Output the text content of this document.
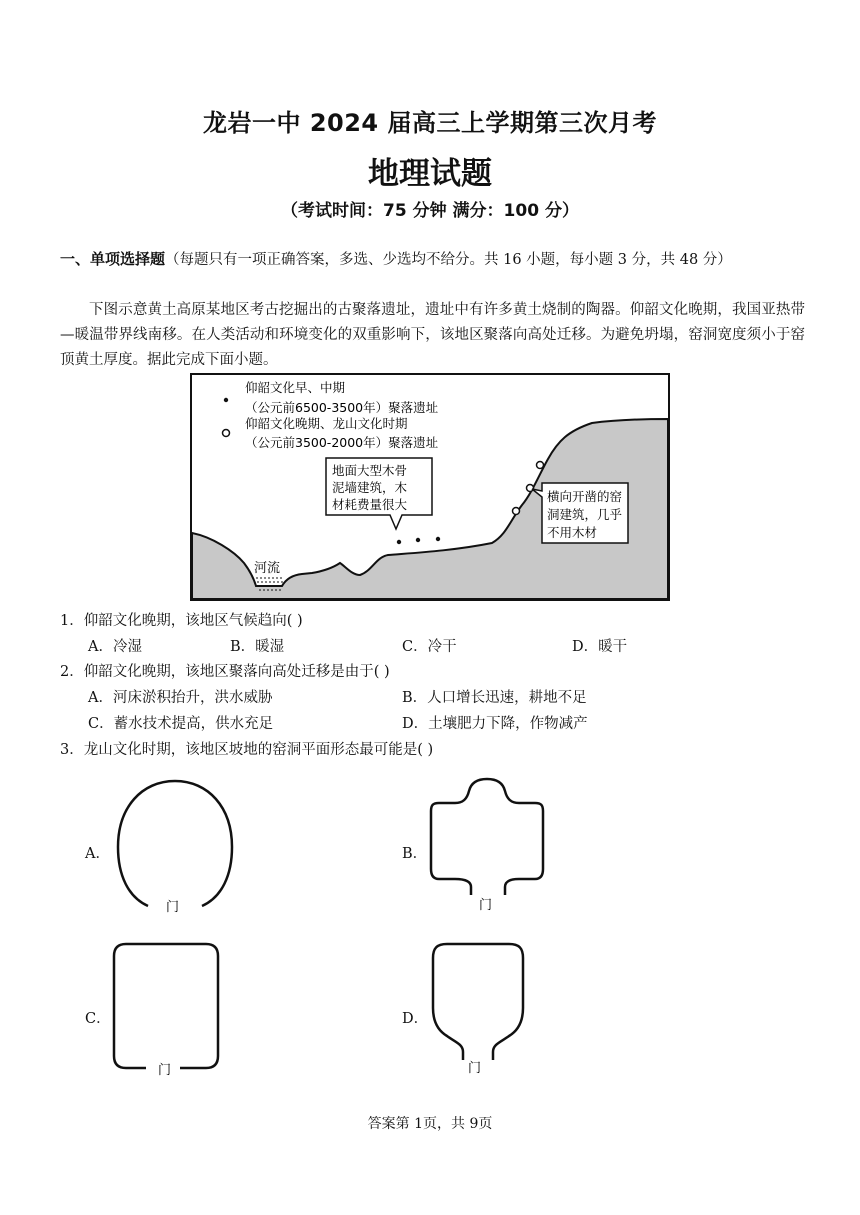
龙岩一中 2024 届高三上学期第三次月考
地理试题
（考试时间：75 分钟 满分：100 分）
一、单项选择题（每题只有一项正确答案，多选、少选均不给分。共 16 小题，每小题 3 分，共 48 分）
下图示意黄土高原某地区考古挖掘出的古聚落遗址，遗址中有许多黄土烧制的陶器。仰韶文化晚期，我国亚热带—暖温带界线南移。在人类活动和环境变化的双重影响下，该地区聚落向高处迁移。为避免坍塌，窑洞宽度须小于窑顶黄土厚度。据此完成下面小题。
河流
仰韶文化早、中期
（公元前6500-3500年）聚落遗址
仰韶文化晚期、龙山文化时期
（公元前3500-2000年）聚落遗址
地面大型木骨
泥墙建筑，木
材耗费量很大
横向开凿的窑
洞建筑，几乎
不用木材
1．仰韶文化晚期，该地区气候趋向( )
A．冷湿	B．暖湿	C．冷干	D．暖干
2．仰韶文化晚期，该地区聚落向高处迁移是由于( )
A．河床淤积抬升，洪水威胁	B．人口增长迅速，耕地不足
C．蓄水技术提高，供水充足	D．土壤肥力下降，作物减产
3．龙山文化时期，该地区坡地的窑洞平面形态最可能是( )
A．
门
B．
门
C．
门
D．
门
答案第 1页，共 9页
